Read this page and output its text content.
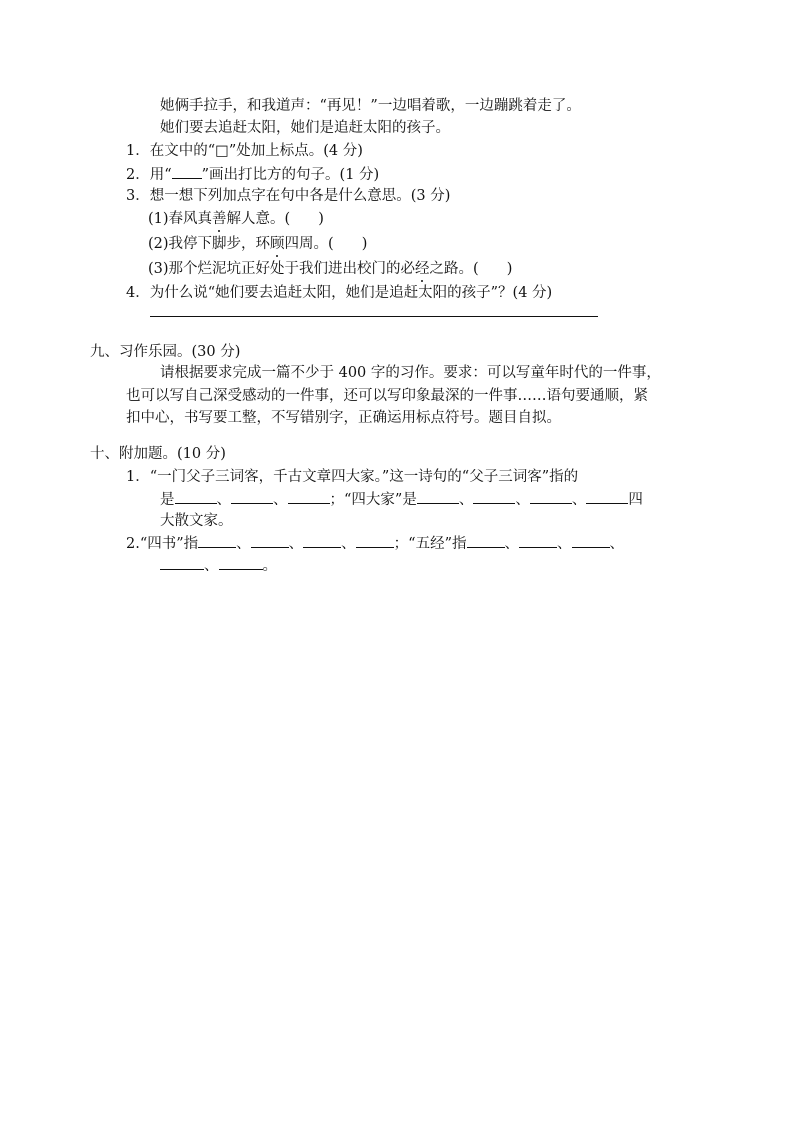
她俩手拉手，和我道声：“再见！”一边唱着歌，一边蹦跳着走了。
她们要去追赶太阳，她们是追赶太阳的孩子。
1．在文中的“□”处加上标点。(4 分)
2．用“ ”画出打比方的句子。(1 分)
3．想一想下列加点字在句中各是什么意思。(3 分)
(1)春风真善解人意。( )
(2)我停下脚步，环顾四周。( )
(3)那个烂泥坑正好处于我们进出校门的必经之路。( )
4．为什么说“她们要去追赶太阳，她们是追赶太阳的孩子”？(4 分)
九、习作乐园。(30 分)
请根据要求完成一篇不少于 400 字的习作。要求：可以写童年时代的一件事，
也可以写自己深受感动的一件事，还可以写印象最深的一件事……语句要通顺，紧
扣中心，书写要工整，不写错别字，正确运用标点符号。题目自拟。
十、附加题。(10 分)
1．“一门父子三词客，千古文章四大家。”这一诗句的“父子三词客”指的
是	、	、	；“四大家”是	、	、	、	四
大散文家。
2.“四书”指	、	、	、	；“五经”指	、	、	、
、	。
